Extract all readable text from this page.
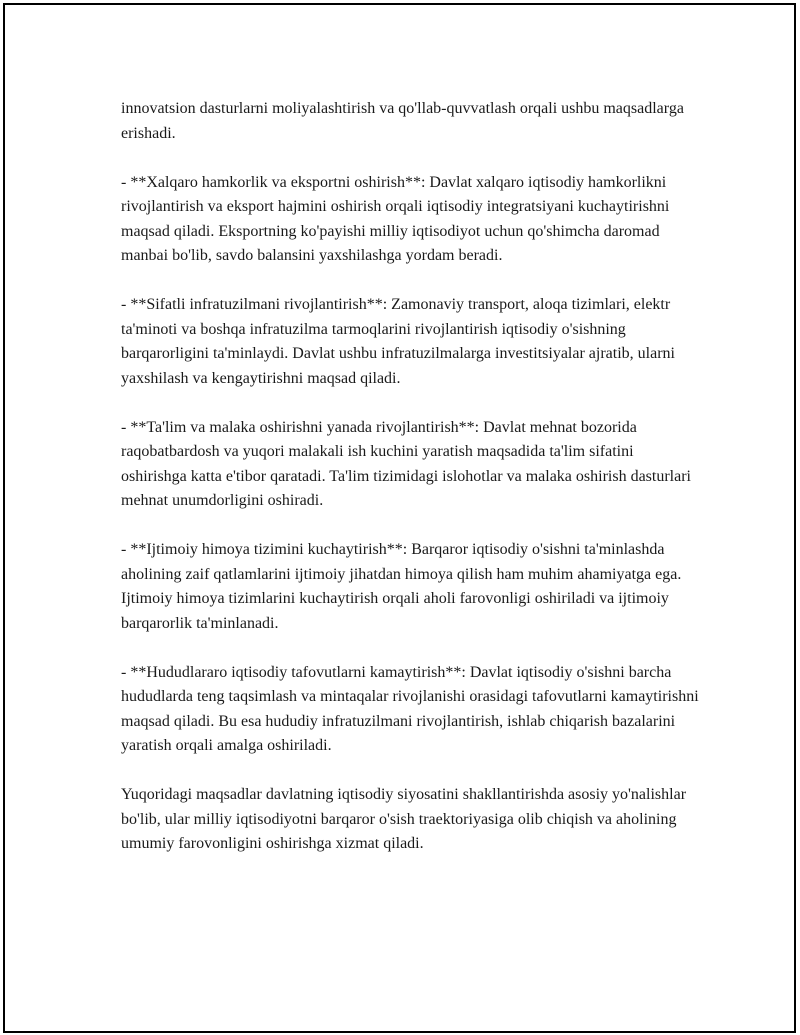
innovatsion dasturlarni moliyalashtirish va qo'llab-quvvatlash orqali ushbu maqsadlarga erishadi.

- **Xalqaro hamkorlik va eksportni oshirish**: Davlat xalqaro iqtisodiy hamkorlikni rivojlantirish va eksport hajmini oshirish orqali iqtisodiy integratsiyani kuchaytirishni maqsad qiladi. Eksportning ko'payishi milliy iqtisodiyot uchun qo'shimcha daromad manbai bo'lib, savdo balansini yaxshilashga yordam beradi.

- **Sifatli infratuzilmani rivojlantirish**: Zamonaviy transport, aloqa tizimlari, elektr ta'minoti va boshqa infratuzilma tarmoqlarini rivojlantirish iqtisodiy o'sishning barqarorligini ta'minlaydi. Davlat ushbu infratuzilmalarga investitsiyalar ajratib, ularni yaxshilash va kengaytirishni maqsad qiladi.

- **Ta'lim va malaka oshirishni yanada rivojlantirish**: Davlat mehnat bozorida raqobatbardosh va yuqori malakali ish kuchini yaratish maqsadida ta'lim sifatini oshirishga katta e'tibor qaratadi. Ta'lim tizimidagi islohotlar va malaka oshirish dasturlari mehnat unumdorligini oshiradi.

- **Ijtimoiy himoya tizimini kuchaytirish**: Barqaror iqtisodiy o'sishni ta'minlashda aholining zaif qatlamlarini ijtimoiy jihatdan himoya qilish ham muhim ahamiyatga ega. Ijtimoiy himoya tizimlarini kuchaytirish orqali aholi farovonligi oshiriladi va ijtimoiy barqarorlik ta'minlanadi.

- **Hududlararo iqtisodiy tafovutlarni kamaytirish**: Davlat iqtisodiy o'sishni barcha hududlarda teng taqsimlash va mintaqalar rivojlanishi orasidagi tafovutlarni kamaytirishni maqsad qiladi. Bu esa hududiy infratuzilmani rivojlantirish, ishlab chiqarish bazalarini yaratish orqali amalga oshiriladi.

Yuqoridagi maqsadlar davlatning iqtisodiy siyosatini shakllantirishda asosiy yo'nalishlar bo'lib, ular milliy iqtisodiyotni barqaror o'sish traektoriyasiga olib chiqish va aholining umumiy farovonligini oshirishga xizmat qiladi.
